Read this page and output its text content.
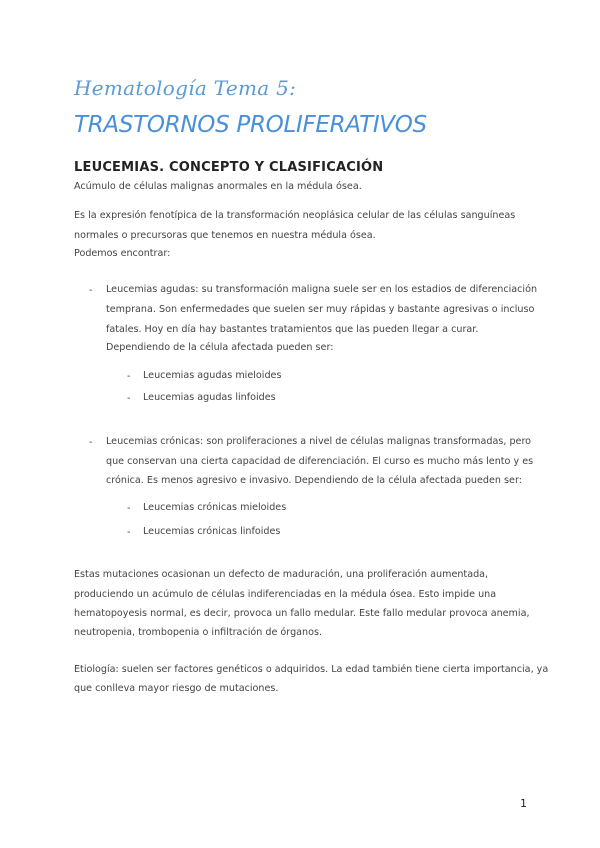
Hematología Tema 5:
TRASTORNOS PROLIFERATIVOS
LEUCEMIAS. CONCEPTO Y CLASIFICACIÓN
Acúmulo de células malignas anormales en la médula ósea.
Es la expresión fenotípica de la transformación neoplásica celular de las células sanguíneas
normales o precursoras que tenemos en nuestra médula ósea.
Podemos encontrar:
- Leucemias agudas: su transformación maligna suele ser en los estadios de diferenciación
temprana. Son enfermedades que suelen ser muy rápidas y bastante agresivas o incluso
fatales. Hoy en día hay bastantes tratamientos que las pueden llegar a curar.
Dependiendo de la célula afectada pueden ser:
- Leucemias agudas mieloides
- Leucemias agudas linfoides
- Leucemias crónicas: son proliferaciones a nivel de células malignas transformadas, pero
que conservan una cierta capacidad de diferenciación. El curso es mucho más lento y es
crónica. Es menos agresivo e invasivo. Dependiendo de la célula afectada pueden ser:
- Leucemias crónicas mieloides
- Leucemias crónicas linfoides
Estas mutaciones ocasionan un defecto de maduración, una proliferación aumentada,
produciendo un acúmulo de células indiferenciadas en la médula ósea. Esto impide una
hematopoyesis normal, es decir, provoca un fallo medular. Este fallo medular provoca anemia,
neutropenia, trombopenia o infiltración de órganos.
Etiología: suelen ser factores genéticos o adquiridos. La edad también tiene cierta importancia, ya
que conlleva mayor riesgo de mutaciones.
1
